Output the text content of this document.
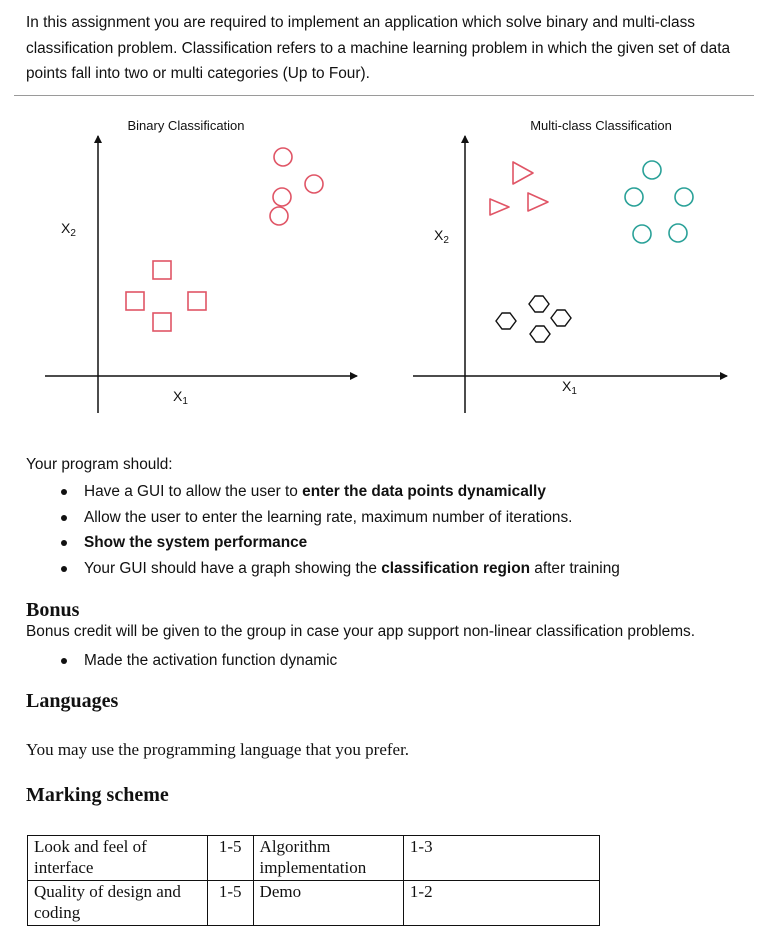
In this assignment you are required to implement an application which solve binary and multi-class classification problem. Classification refers to a machine learning problem in which the given set of data points fall into two or multi categories (Up to Four).

Binary Classification
$X_2$
$X_1$
Multi-class Classification
$X_2$
$X_1$

Your program should:

Have a GUI to allow the user to enter the data points dynamically
Allow the user to enter the learning rate, maximum number of iterations.
Show the system performance
Your GUI should have a graph showing the classification region after training
Bonus

Bonus credit will be given to the group in case your app support non-linear classification problems.

Made the activation function dynamic
Languages

You may use the programming language that you prefer.

Marking scheme
Look and feel of interface	1-5	Algorithm implementation	1-3
Quality of design and coding	1-5	Demo	1-2
